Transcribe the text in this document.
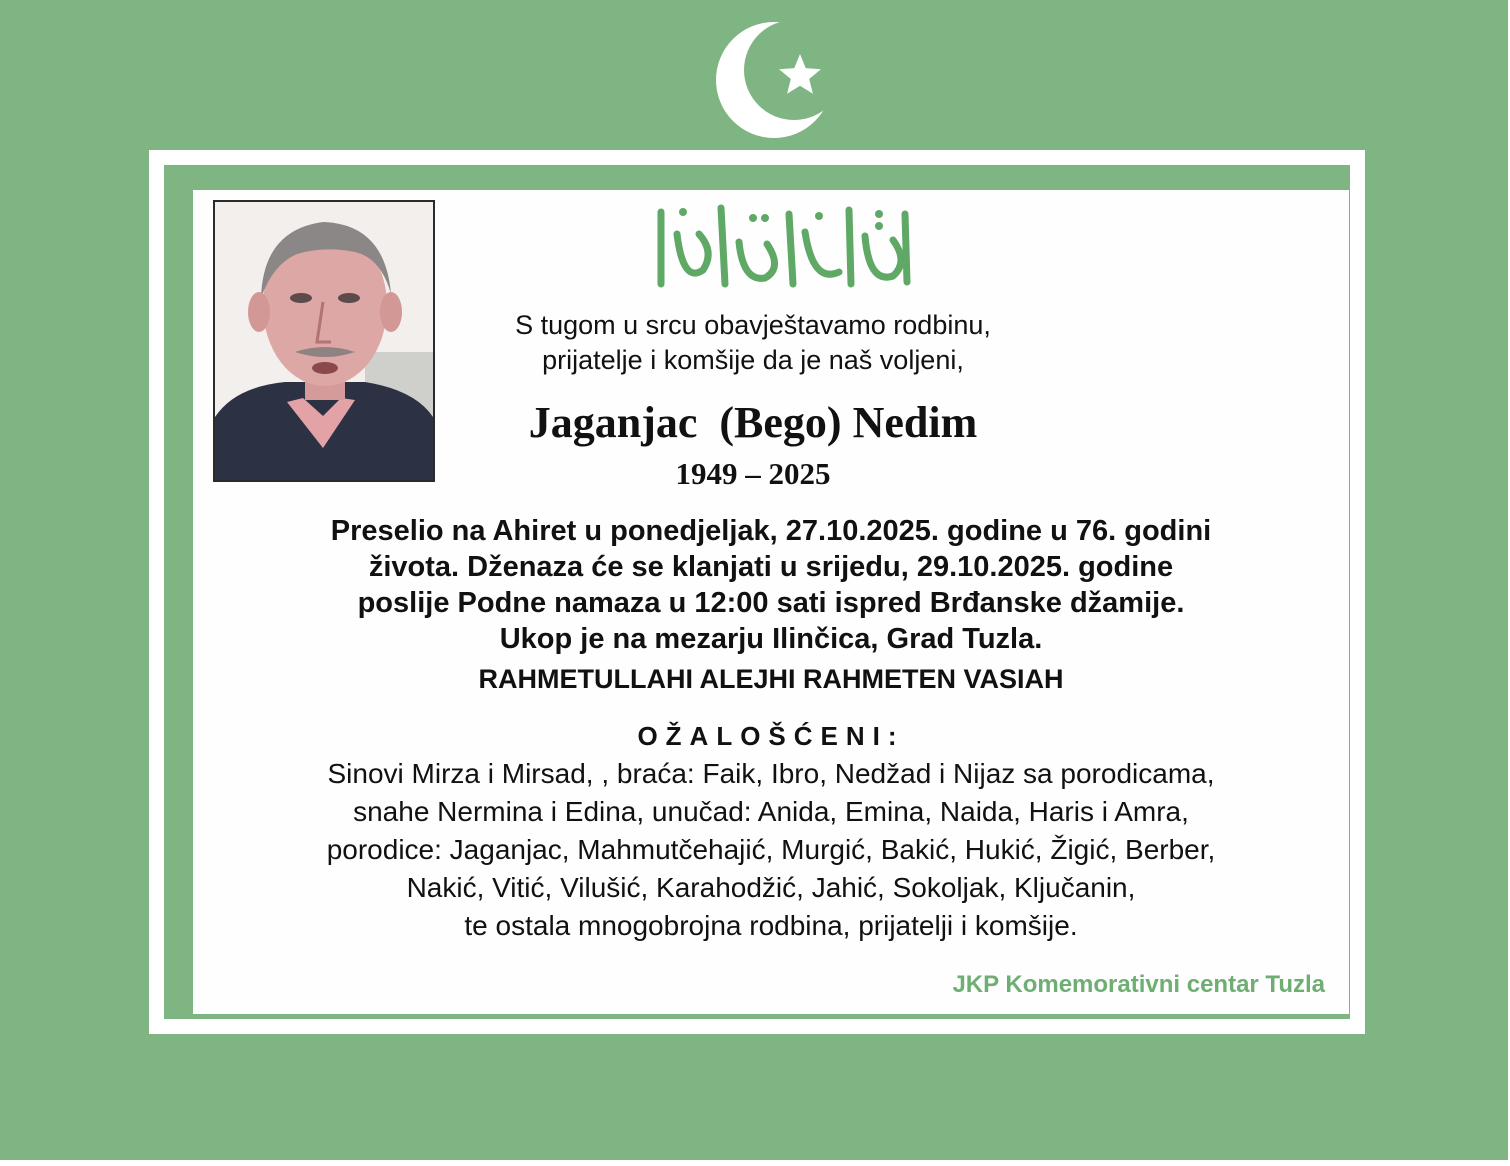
S tugom u srcu obavještavamo rodbinu,
prijatelje i komšije da je naš voljeni,
Jaganjac  (Bego) Nedim
1949 – 2025
Preselio na Ahiret u ponedjeljak, 27.10.2025. godine u 76. godini
života. Dženaza će se klanjati u srijedu, 29.10.2025. godine
poslije Podne namaza u 12:00 sati ispred Brđanske džamije.
Ukop je na mezarju Ilinčica, Grad Tuzla.
RAHMETULLAHI ALEJHI RAHMETEN VASIAH
OŽALOŠĆENI:
Sinovi Mirza i Mirsad, , braća: Faik, Ibro, Nedžad i Nijaz sa porodicama,
snahe Nermina i Edina, unučad: Anida, Emina, Naida, Haris i Amra,
porodice: Jaganjac, Mahmutčehajić, Murgić, Bakić, Hukić, Žigić, Berber,
Nakić, Vitić, Vilušić, Karahodžić, Jahić, Sokoljak, Ključanin,
te ostala mnogobrojna rodbina, prijatelji i komšije.
JKP Komemorativni centar Tuzla
